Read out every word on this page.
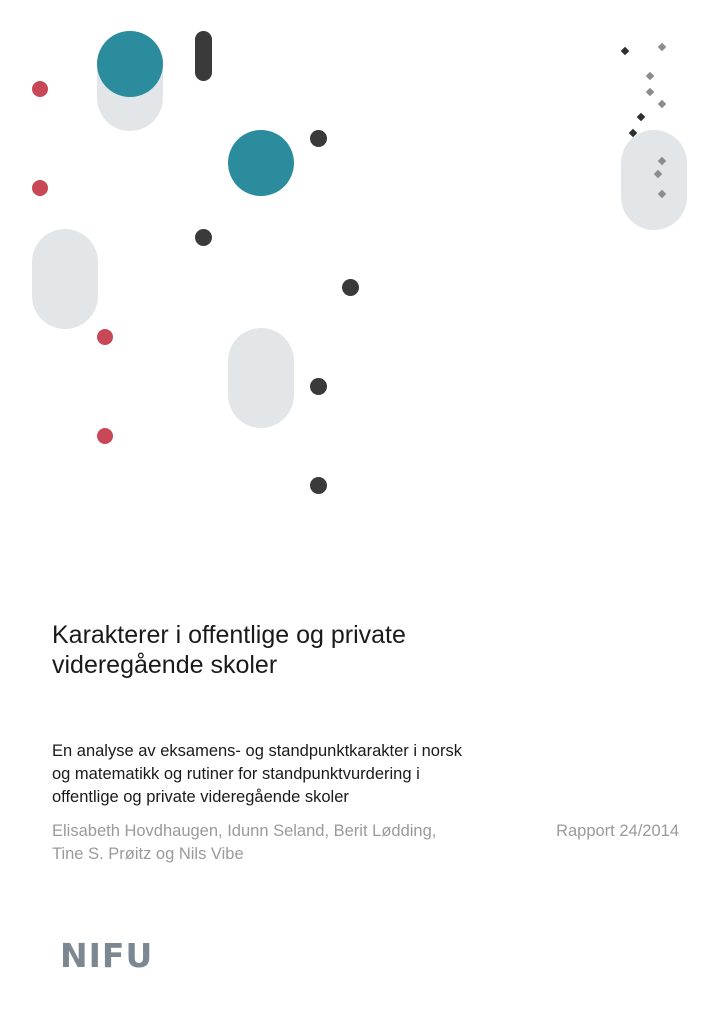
Karakterer i offentlige og private
videregående skoler
En analyse av eksamens- og standpunktkarakter i norsk
og matematikk og rutiner for standpunktvurdering i
offentlige og private videregående skoler
Elisabeth Hovdhaugen, Idunn Seland, Berit Lødding,
Tine S. Prøitz og Nils Vibe
Rapport 24/2014
NIFU
